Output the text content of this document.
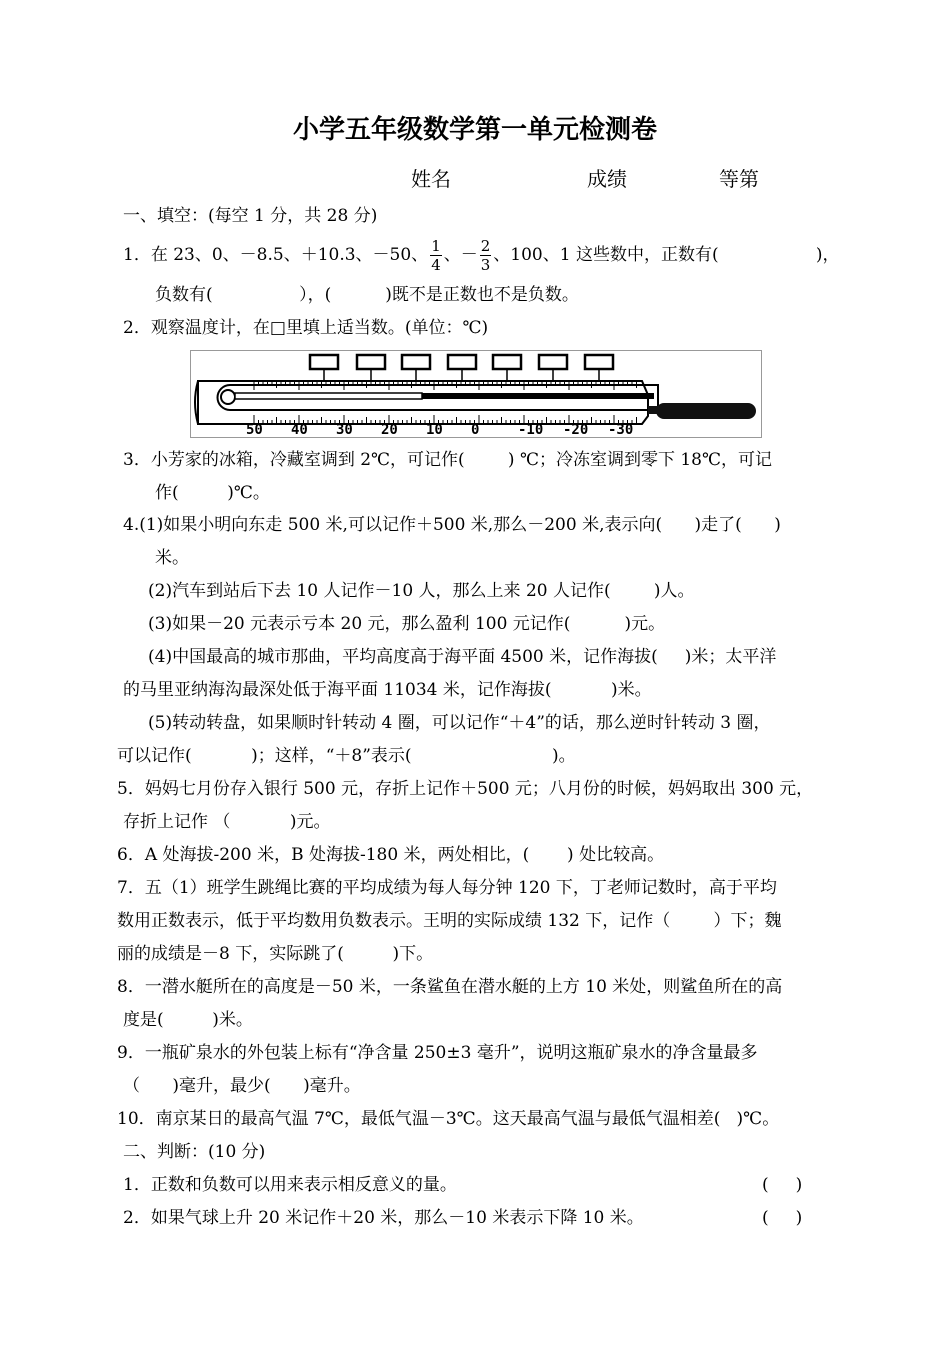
小学五年级数学第一单元检测卷
姓名	成绩	等第
一、填空：(每空 1 分，共 28 分)
1．在 23、0、－8.5、＋10.3、－50、 $\frac{1}{4}$ 、－ $\frac{2}{3}$ 、100、1 这些数中，正数有(                  )，
负数有(                ），(          )既不是正数也不是负数。
2．观察温度计，在□里填上适当数。(单位：℃)
50 40 30 20 10 0	-10 -20 -30
3．小芳家的冰箱，冷藏室调到 2℃，可记作(        ) ℃；冷冻室调到零下 18℃，可记
作(         )℃。
4.(1)如果小明向东走 500 米,可以记作＋500 米,那么－200 米,表示向(      )走了(      )
米。
(2)汽车到站后下去 10 人记作－10 人，那么上来 20 人记作(        )人。
(3)如果－20 元表示亏本 20 元，那么盈利 100 元记作(          )元。
(4)中国最高的城市那曲，平均高度高于海平面 4500 米，记作海拔(     )米；太平洋
的马里亚纳海沟最深处低于海平面 11034 米，记作海拔(           )米。
(5)转动转盘，如果顺时针转动 4 圈，可以记作“＋4”的话，那么逆时针转动 3 圈，
可以记作(           )；这样，“＋8”表示(                          )。
5．妈妈七月份存入银行 500 元，存折上记作＋500 元；八月份的时候，妈妈取出 300 元，
存折上记作 （           )元。
6．A 处海拔-200 米，B 处海拔-180 米，两处相比，(       ) 处比较高。
7．五（1）班学生跳绳比赛的平均成绩为每人每分钟 120 下，丁老师记数时，高于平均
数用正数表示，低于平均数用负数表示。王明的实际成绩 132 下，记作（        ）下；魏
丽的成绩是－8 下，实际跳了(         )下。
8．一潜水艇所在的高度是－50 米，一条鲨鱼在潜水艇的上方 10 米处，则鲨鱼所在的高
度是(         )米。
9．一瓶矿泉水的外包装上标有“净含量 250±3 毫升”，说明这瓶矿泉水的净含量最多
（      )毫升，最少(      )毫升。
10．南京某日的最高气温 7℃，最低气温－3℃。这天最高气温与最低气温相差(   )℃。
二、判断：(10 分)
1．正数和负数可以用来表示相反意义的量。	(     )
2．如果气球上升 20 米记作＋20 米，那么－10 米表示下降 10 米。	(     )
